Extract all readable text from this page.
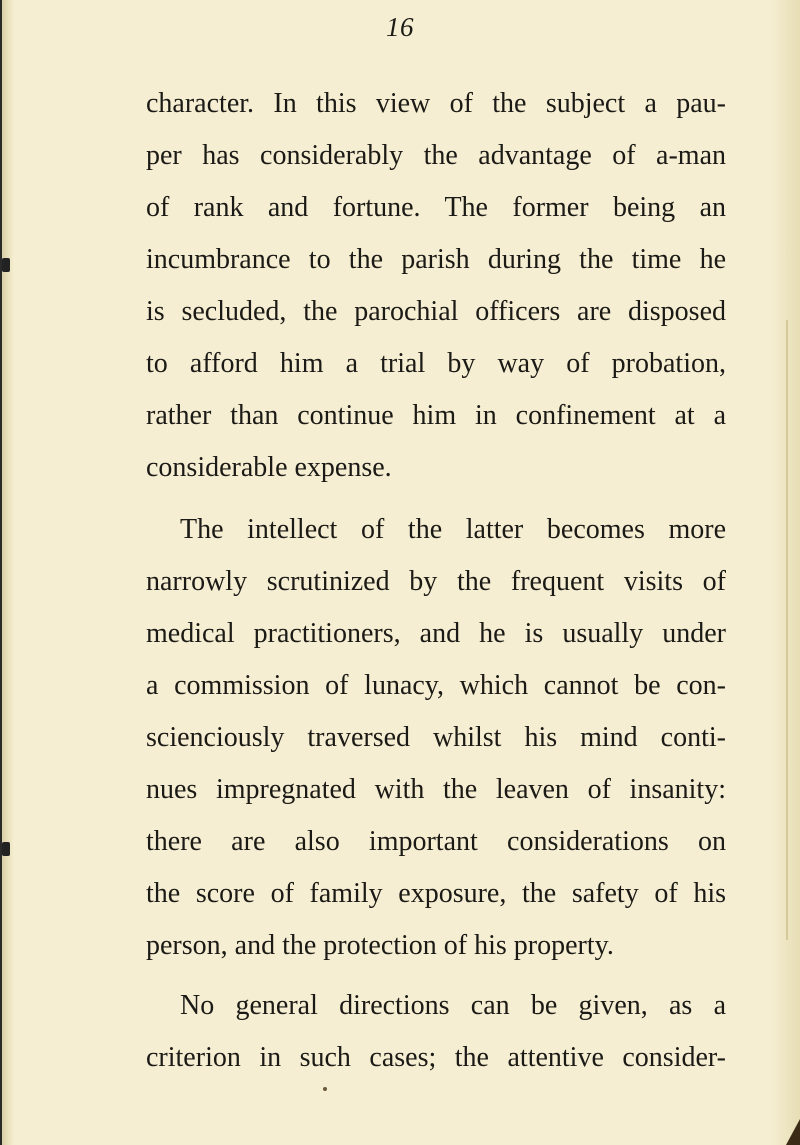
16
character. In this view of the subject a pau-
per has considerably the advantage of a-man
of rank and fortune. The former being an
incumbrance to the parish during the time he
is secluded, the parochial officers are disposed
to afford him a trial by way of probation,
rather than continue him in confinement at a
considerable expense.
The intellect of the latter becomes more
narrowly scrutinized by the frequent visits of
medical practitioners, and he is usually under
a commission of lunacy, which cannot be con-
scienciously traversed whilst his mind conti-
nues impregnated with the leaven of insanity:
there are also important considerations on
the score of family exposure, the safety of his
person, and the protection of his property.
No general directions can be given, as a
criterion in such cases; the attentive consider-
